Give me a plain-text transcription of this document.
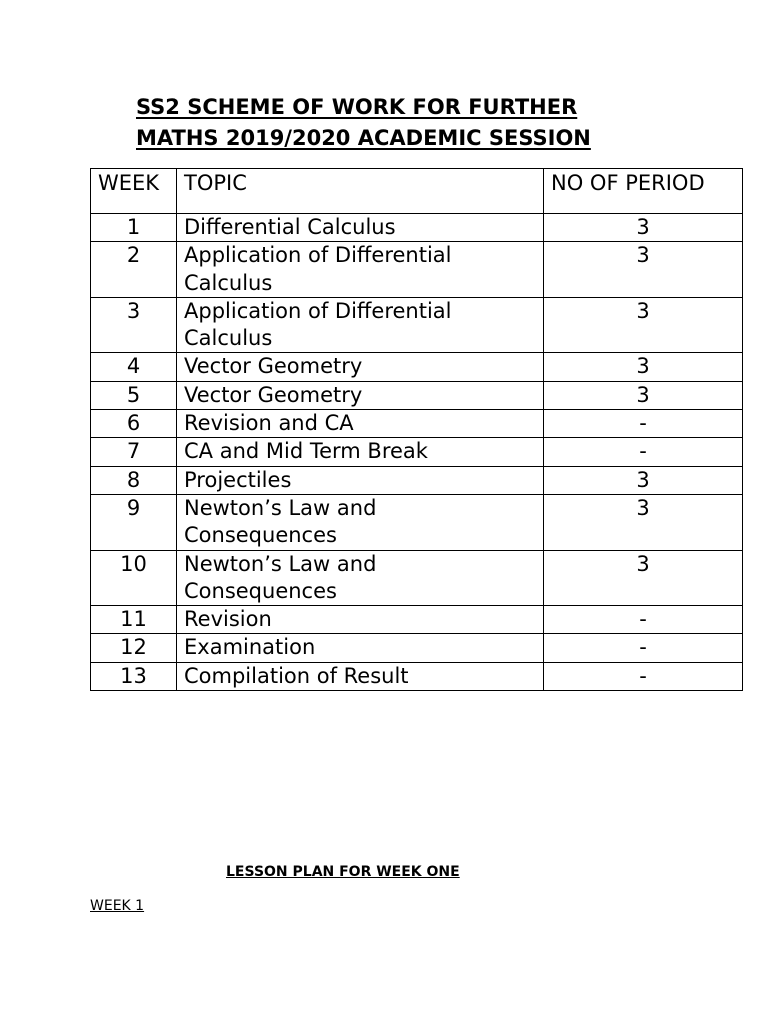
SS2 SCHEME OF WORK FOR FURTHER
MATHS 2019/2020 ACADEMIC SESSION
WEEK	TOPIC	NO OF PERIOD
1	Differential Calculus	3
2	Application of Differential Calculus	3
3	Application of Differential Calculus	3
4	Vector Geometry	3
5	Vector Geometry	3
6	Revision and CA	-
7	CA and Mid Term Break	-
8	Projectiles	3
9	Newton’s Law and Consequences	3
10	Newton’s Law and Consequences	3
11	Revision	-
12	Examination	-
13	Compilation of Result	-

LESSON PLAN FOR WEEK ONE

WEEK 1
